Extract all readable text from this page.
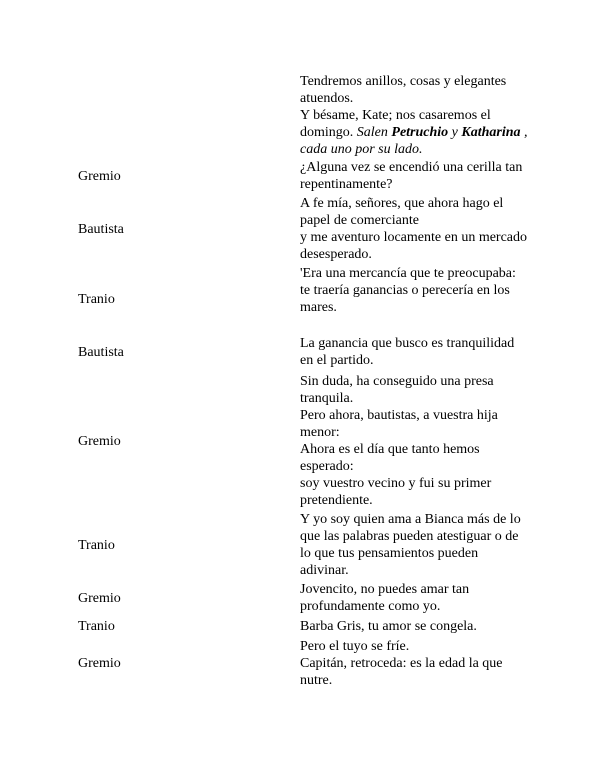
Tendremos anillos, cosas y elegantes atuendos.
Y bésame, Kate; nos casaremos el domingo. Salen Petruchio y Katharina , cada uno por su lado.
Gremio
¿Alguna vez se encendió una cerilla tan repentinamente?
Bautista
A fe mía, señores, que ahora hago el papel de comerciante
y me aventuro locamente en un mercado desesperado.
Tranio
'Era una mercancía que te preocupaba:
te traería ganancias o perecería en los mares.
Bautista
La ganancia que busco es tranquilidad en el partido.
Gremio
Sin duda, ha conseguido una presa tranquila.
Pero ahora, bautistas, a vuestra hija menor:
Ahora es el día que tanto hemos esperado:
soy vuestro vecino y fui su primer pretendiente.
Tranio
Y yo soy quien ama a Bianca más de lo que las palabras pueden atestiguar o de lo que tus pensamientos pueden adivinar.
Gremio
Jovencito, no puedes amar tan profundamente como yo.
Tranio	Barba Gris, tu amor se congela.
Gremio
Pero el tuyo se fríe.
Capitán, retroceda: es la edad la que nutre.
